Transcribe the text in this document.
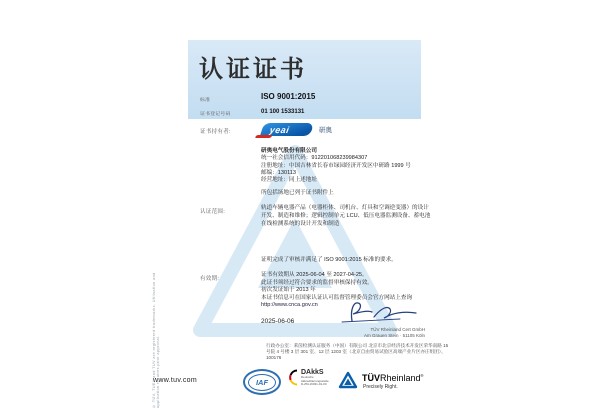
认证证书
标准	ISO 9001:2015
证书登记号码	01 100 1533131
证书持有者:	yeai	研奥
研奥电气股份有限公司
统一社会信用代码：912201068239984307
注册地址：中国吉林省长春市绿园经济开发区中研路 1999 号
邮编：130113
经营地址：同上述地址
所包括场地已列于证书附件上
认证范围:
轨道车辆电器产品（电器柜体、司机台、灯具和空调逆变器）的设计开发、制造和维修；逻辑控制单元 LCU、低压电器监测设备、蓄电池在线检测系统的设计开发和制造
证明完成了审核并满足了 ISO 9001:2015 标准的要求。
有效期:
证书有效期从 2025-06-04 至 2027-04-25。
此证书须经过符合要求的监督审核保持有效。
初次发证始于 2013 年
本证书信息可在国家认证认可监督管理委员会官方网站上查询
http://www.cnca.gov.cn
2025-06-06
TÜV Rheinland Cert GmbH
Am Grauen Stein · 51105 Köln
行政办公室：莱茵检测认证服务（中国）有限公司 北京市北京经济技术开发区荣华南路 15
号院 4 号楼 3 层 301 室、12 层 1203 室（北京自由贸易试验区高端产业片区亦庄组团）、100176
www.tuv.com	IAF
DAkkS
Deutsche
Akkreditierungsstelle
D-ZM-16031-01-00
TÜVRheinland®
Precisely Right.
® TÜV, TUEV and TUV are registered trademarks. Utilisation and application requires prior approval.
